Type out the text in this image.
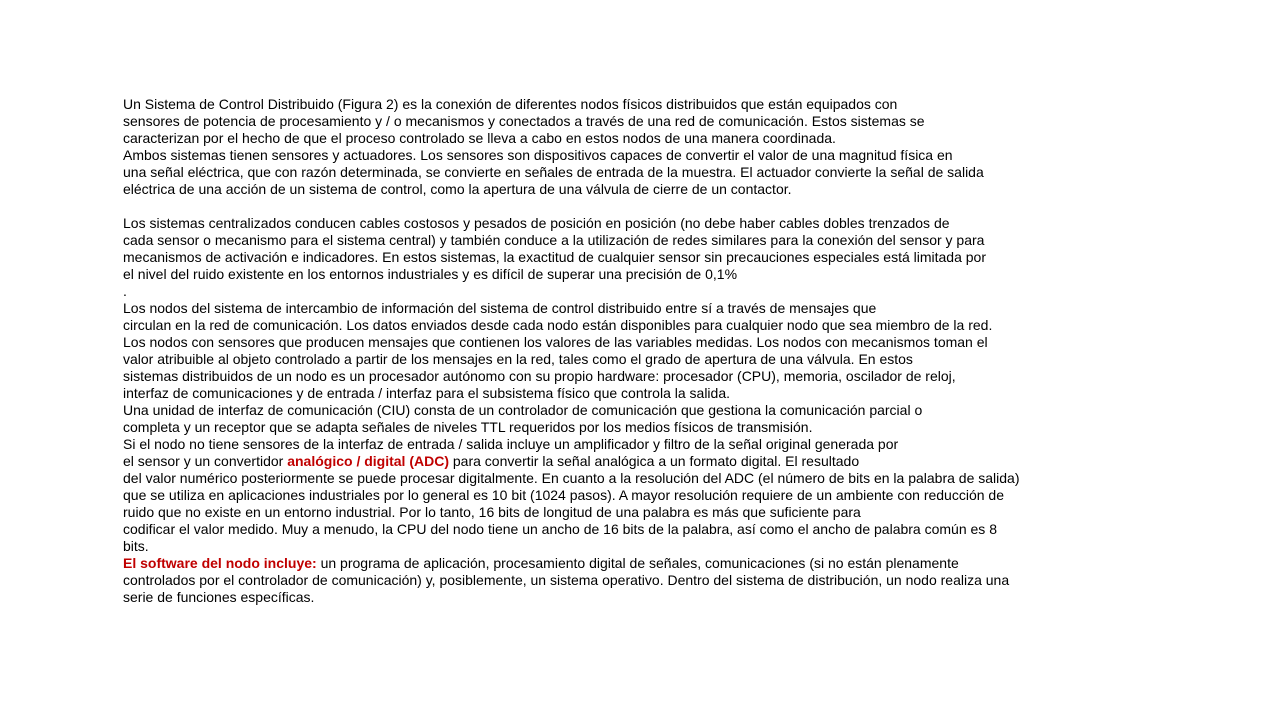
Un Sistema de Control Distribuido (Figura 2) es la conexión de diferentes nodos físicos distribuidos que están equipados con
sensores de potencia de procesamiento y / o mecanismos y conectados a través de una red de comunicación. Estos sistemas se
caracterizan por el hecho de que el proceso controlado se lleva a cabo en estos nodos de una manera coordinada.
Ambos sistemas tienen sensores y actuadores. Los sensores son dispositivos capaces de convertir el valor de una magnitud física en
una señal eléctrica, que con razón determinada, se convierte en señales de entrada de la muestra. El actuador convierte la señal de salida
eléctrica de una acción de un sistema de control, como la apertura de una válvula de cierre de un contactor.
Los sistemas centralizados conducen cables costosos y pesados de posición en posición (no debe haber cables dobles trenzados de
cada sensor o mecanismo para el sistema central) y también conduce a la utilización de redes similares para la conexión del sensor y para
mecanismos de activación e indicadores. En estos sistemas, la exactitud de cualquier sensor sin precauciones especiales está limitada por
el nivel del ruido existente en los entornos industriales y es difícil de superar una precisión de 0,1%
.
Los nodos del sistema de intercambio de información del sistema de control distribuido entre sí a través de mensajes que
circulan en la red de comunicación. Los datos enviados desde cada nodo están disponibles para cualquier nodo que sea miembro de la red.
Los nodos con sensores que producen mensajes que contienen los valores de las variables medidas. Los nodos con mecanismos toman el
valor atribuible al objeto controlado a partir de los mensajes en la red, tales como el grado de apertura de una válvula. En estos
sistemas distribuidos de un nodo es un procesador autónomo con su propio hardware: procesador (CPU), memoria, oscilador de reloj,
interfaz de comunicaciones y de entrada / interfaz para el subsistema físico que controla la salida.
Una unidad de interfaz de comunicación (CIU) consta de un controlador de comunicación que gestiona la comunicación parcial o
completa y un receptor que se adapta señales de niveles TTL requeridos por los medios físicos de transmisión.
Si el nodo no tiene sensores de la interfaz de entrada / salida incluye un amplificador y filtro de la señal original generada por
el sensor y un convertidor analógico / digital (ADC) para convertir la señal analógica a un formato digital. El resultado
del valor numérico posteriormente se puede procesar digitalmente. En cuanto a la resolución del ADC (el número de bits en la palabra de salida)
que se utiliza en aplicaciones industriales por lo general es 10 bit (1024 pasos). A mayor resolución requiere de un ambiente con reducción de
ruido que no existe en un entorno industrial. Por lo tanto, 16 bits de longitud de una palabra es más que suficiente para
codificar el valor medido. Muy a menudo, la CPU del nodo tiene un ancho de 16 bits de la palabra, así como el ancho de palabra común es 8
bits.
El software del nodo incluye: un programa de aplicación, procesamiento digital de señales, comunicaciones (si no están plenamente
controlados por el controlador de comunicación) y, posiblemente, un sistema operativo. Dentro del sistema de distribución, un nodo realiza una
serie de funciones específicas.
